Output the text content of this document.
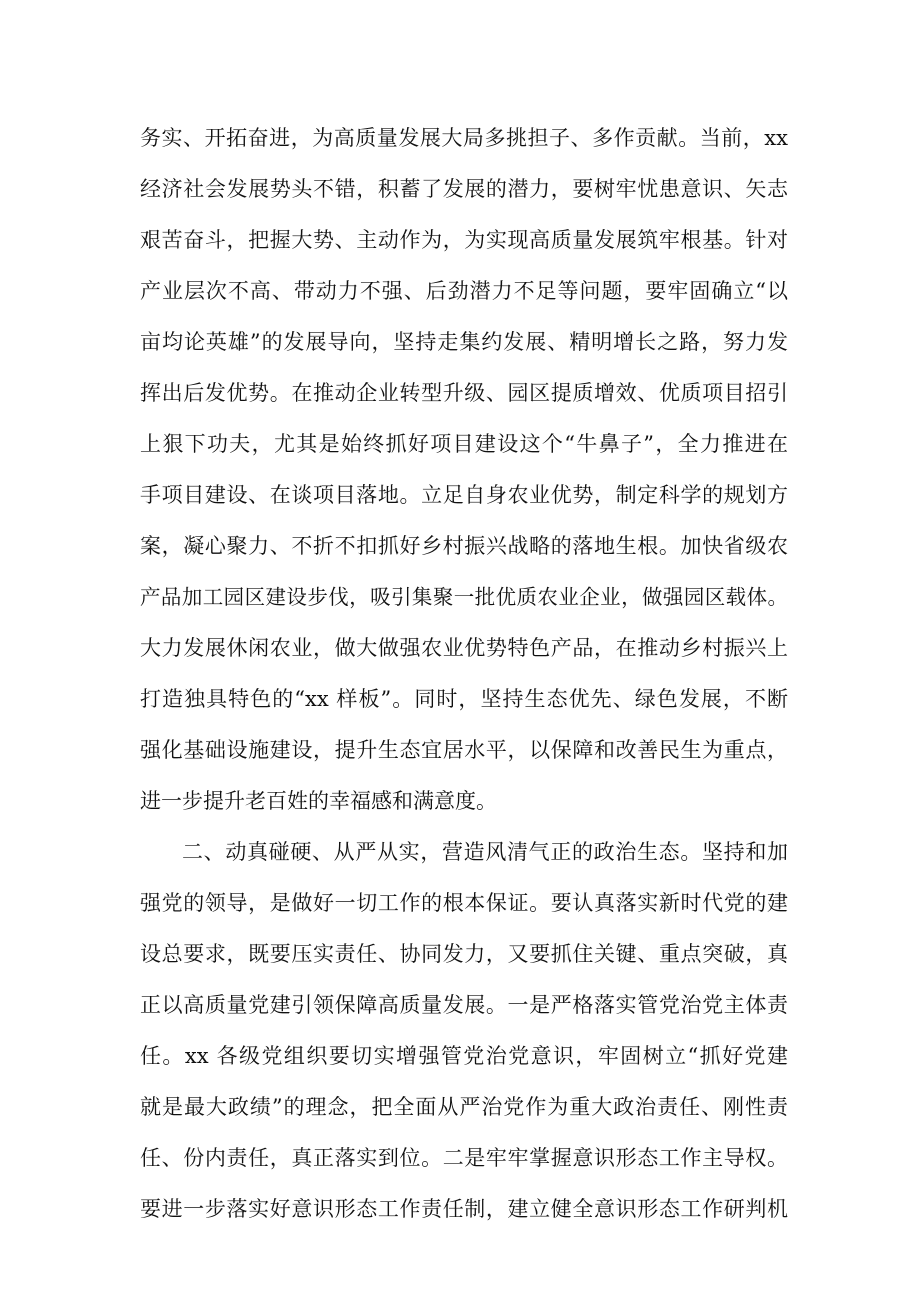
务实、开拓奋进，为高质量发展大局多挑担子、多作贡献。当前，xx
经济社会发展势头不错，积蓄了发展的潜力，要树牢忧患意识、矢志
艰苦奋斗，把握大势、主动作为，为实现高质量发展筑牢根基。针对
产业层次不高、带动力不强、后劲潜力不足等问题，要牢固确立“以
亩均论英雄”的发展导向，坚持走集约发展、精明增长之路，努力发
挥出后发优势。在推动企业转型升级、园区提质增效、优质项目招引
上狠下功夫，尤其是始终抓好项目建设这个“牛鼻子”，全力推进在
手项目建设、在谈项目落地。立足自身农业优势，制定科学的规划方
案，凝心聚力、不折不扣抓好乡村振兴战略的落地生根。加快省级农
产品加工园区建设步伐，吸引集聚一批优质农业企业，做强园区载体。
大力发展休闲农业，做大做强农业优势特色产品，在推动乡村振兴上
打造独具特色的“xx 样板”。同时，坚持生态优先、绿色发展，不断
强化基础设施建设，提升生态宜居水平，以保障和改善民生为重点，
进一步提升老百姓的幸福感和满意度。
二、动真碰硬、从严从实，营造风清气正的政治生态。坚持和加
强党的领导，是做好一切工作的根本保证。要认真落实新时代党的建
设总要求，既要压实责任、协同发力，又要抓住关键、重点突破，真
正以高质量党建引领保障高质量发展。一是严格落实管党治党主体责
任。xx 各级党组织要切实增强管党治党意识，牢固树立“抓好党建
就是最大政绩”的理念，把全面从严治党作为重大政治责任、刚性责
任、份内责任，真正落实到位。二是牢牢掌握意识形态工作主导权。
要进一步落实好意识形态工作责任制，建立健全意识形态工作研判机
